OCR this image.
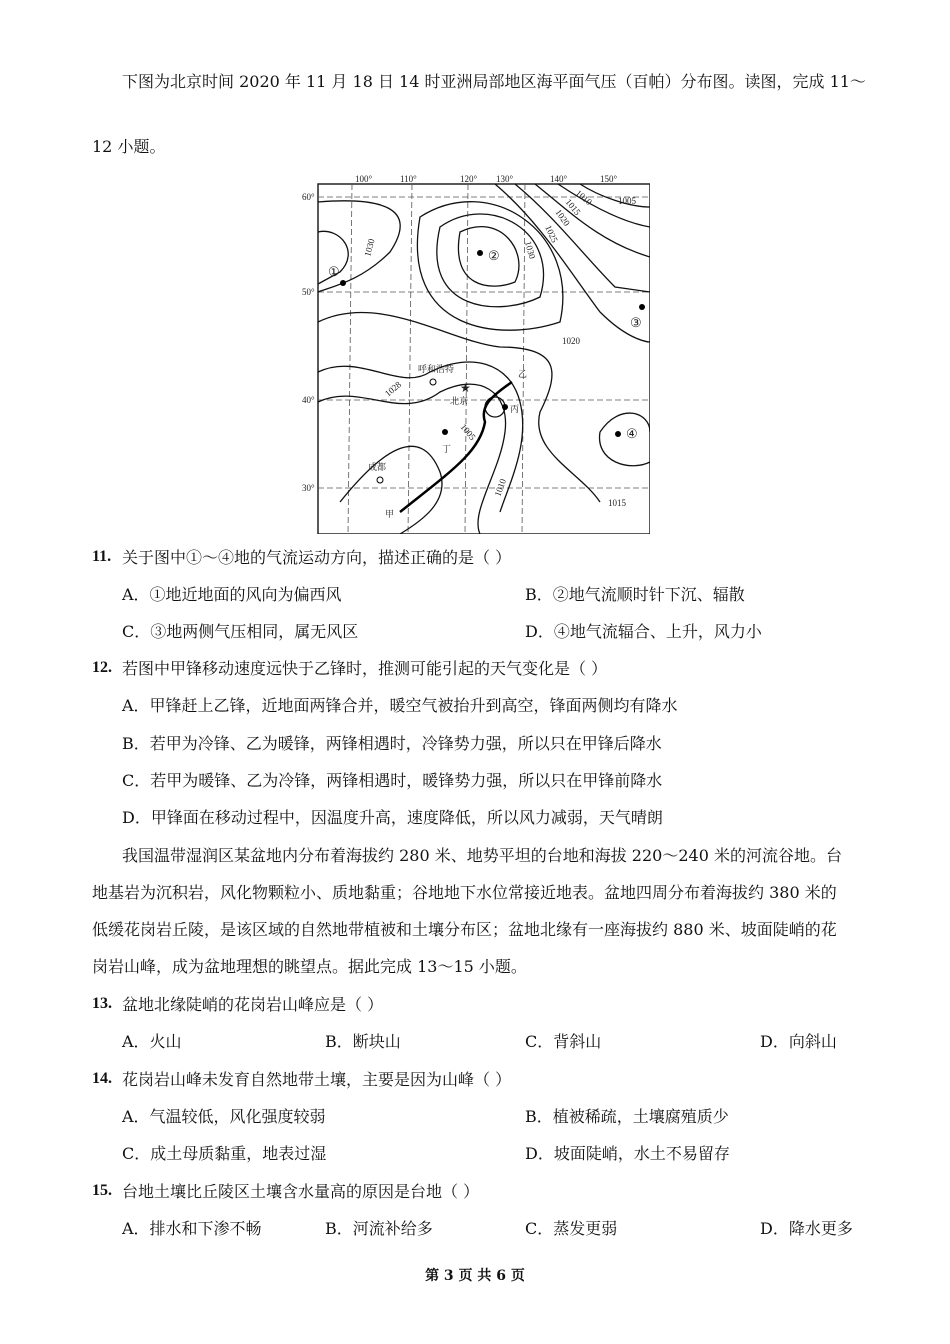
下图为北京时间 2020 年 11 月 18 日 14 时亚洲局部地区海平面气压（百帕）分布图。读图，完成 11～
12 小题。
100°	110°	120° 130°	140°	150°
60°
50°
40°
30°
1030	1030
1025
1020
1015
1010	1005
1020
1028
1005
1010
1015
①
②
③
④
呼和浩特
★
北京
成都
甲
乙
丙
丁
11. 关于图中①～④地的气流运动方向，描述正确的是（ ）
A．①地近地面的风向为偏西风	B．②地气流顺时针下沉、辐散
C．③地两侧气压相同，属无风区	D．④地气流辐合、上升，风力小
12. 若图中甲锋移动速度远快于乙锋时，推测可能引起的天气变化是（ ）
A．甲锋赶上乙锋，近地面两锋合并，暖空气被抬升到高空，锋面两侧均有降水
B．若甲为冷锋、乙为暖锋，两锋相遇时，冷锋势力强，所以只在甲锋后降水
C．若甲为暖锋、乙为冷锋，两锋相遇时，暖锋势力强，所以只在甲锋前降水
D．甲锋面在移动过程中，因温度升高，速度降低，所以风力减弱，天气晴朗
我国温带湿润区某盆地内分布着海拔约 280 米、地势平坦的台地和海拔 220～240 米的河流谷地。台
地基岩为沉积岩，风化物颗粒小、质地黏重；谷地地下水位常接近地表。盆地四周分布着海拔约 380 米的
低缓花岗岩丘陵，是该区域的自然地带植被和土壤分布区；盆地北缘有一座海拔约 880 米、坡面陡峭的花
岗岩山峰，成为盆地理想的眺望点。据此完成 13～15 小题。
13. 盆地北缘陡峭的花岗岩山峰应是（ ）
A．火山	B．断块山	C．背斜山	D．向斜山
14. 花岗岩山峰未发育自然地带土壤，主要是因为山峰（ ）
A．气温较低，风化强度较弱	B．植被稀疏，土壤腐殖质少
C．成土母质黏重，地表过湿	D．坡面陡峭，水土不易留存
15. 台地土壤比丘陵区土壤含水量高的原因是台地（ ）
A．排水和下渗不畅	B．河流补给多	C．蒸发更弱	D．降水更多
第 3 页 共 6 页
